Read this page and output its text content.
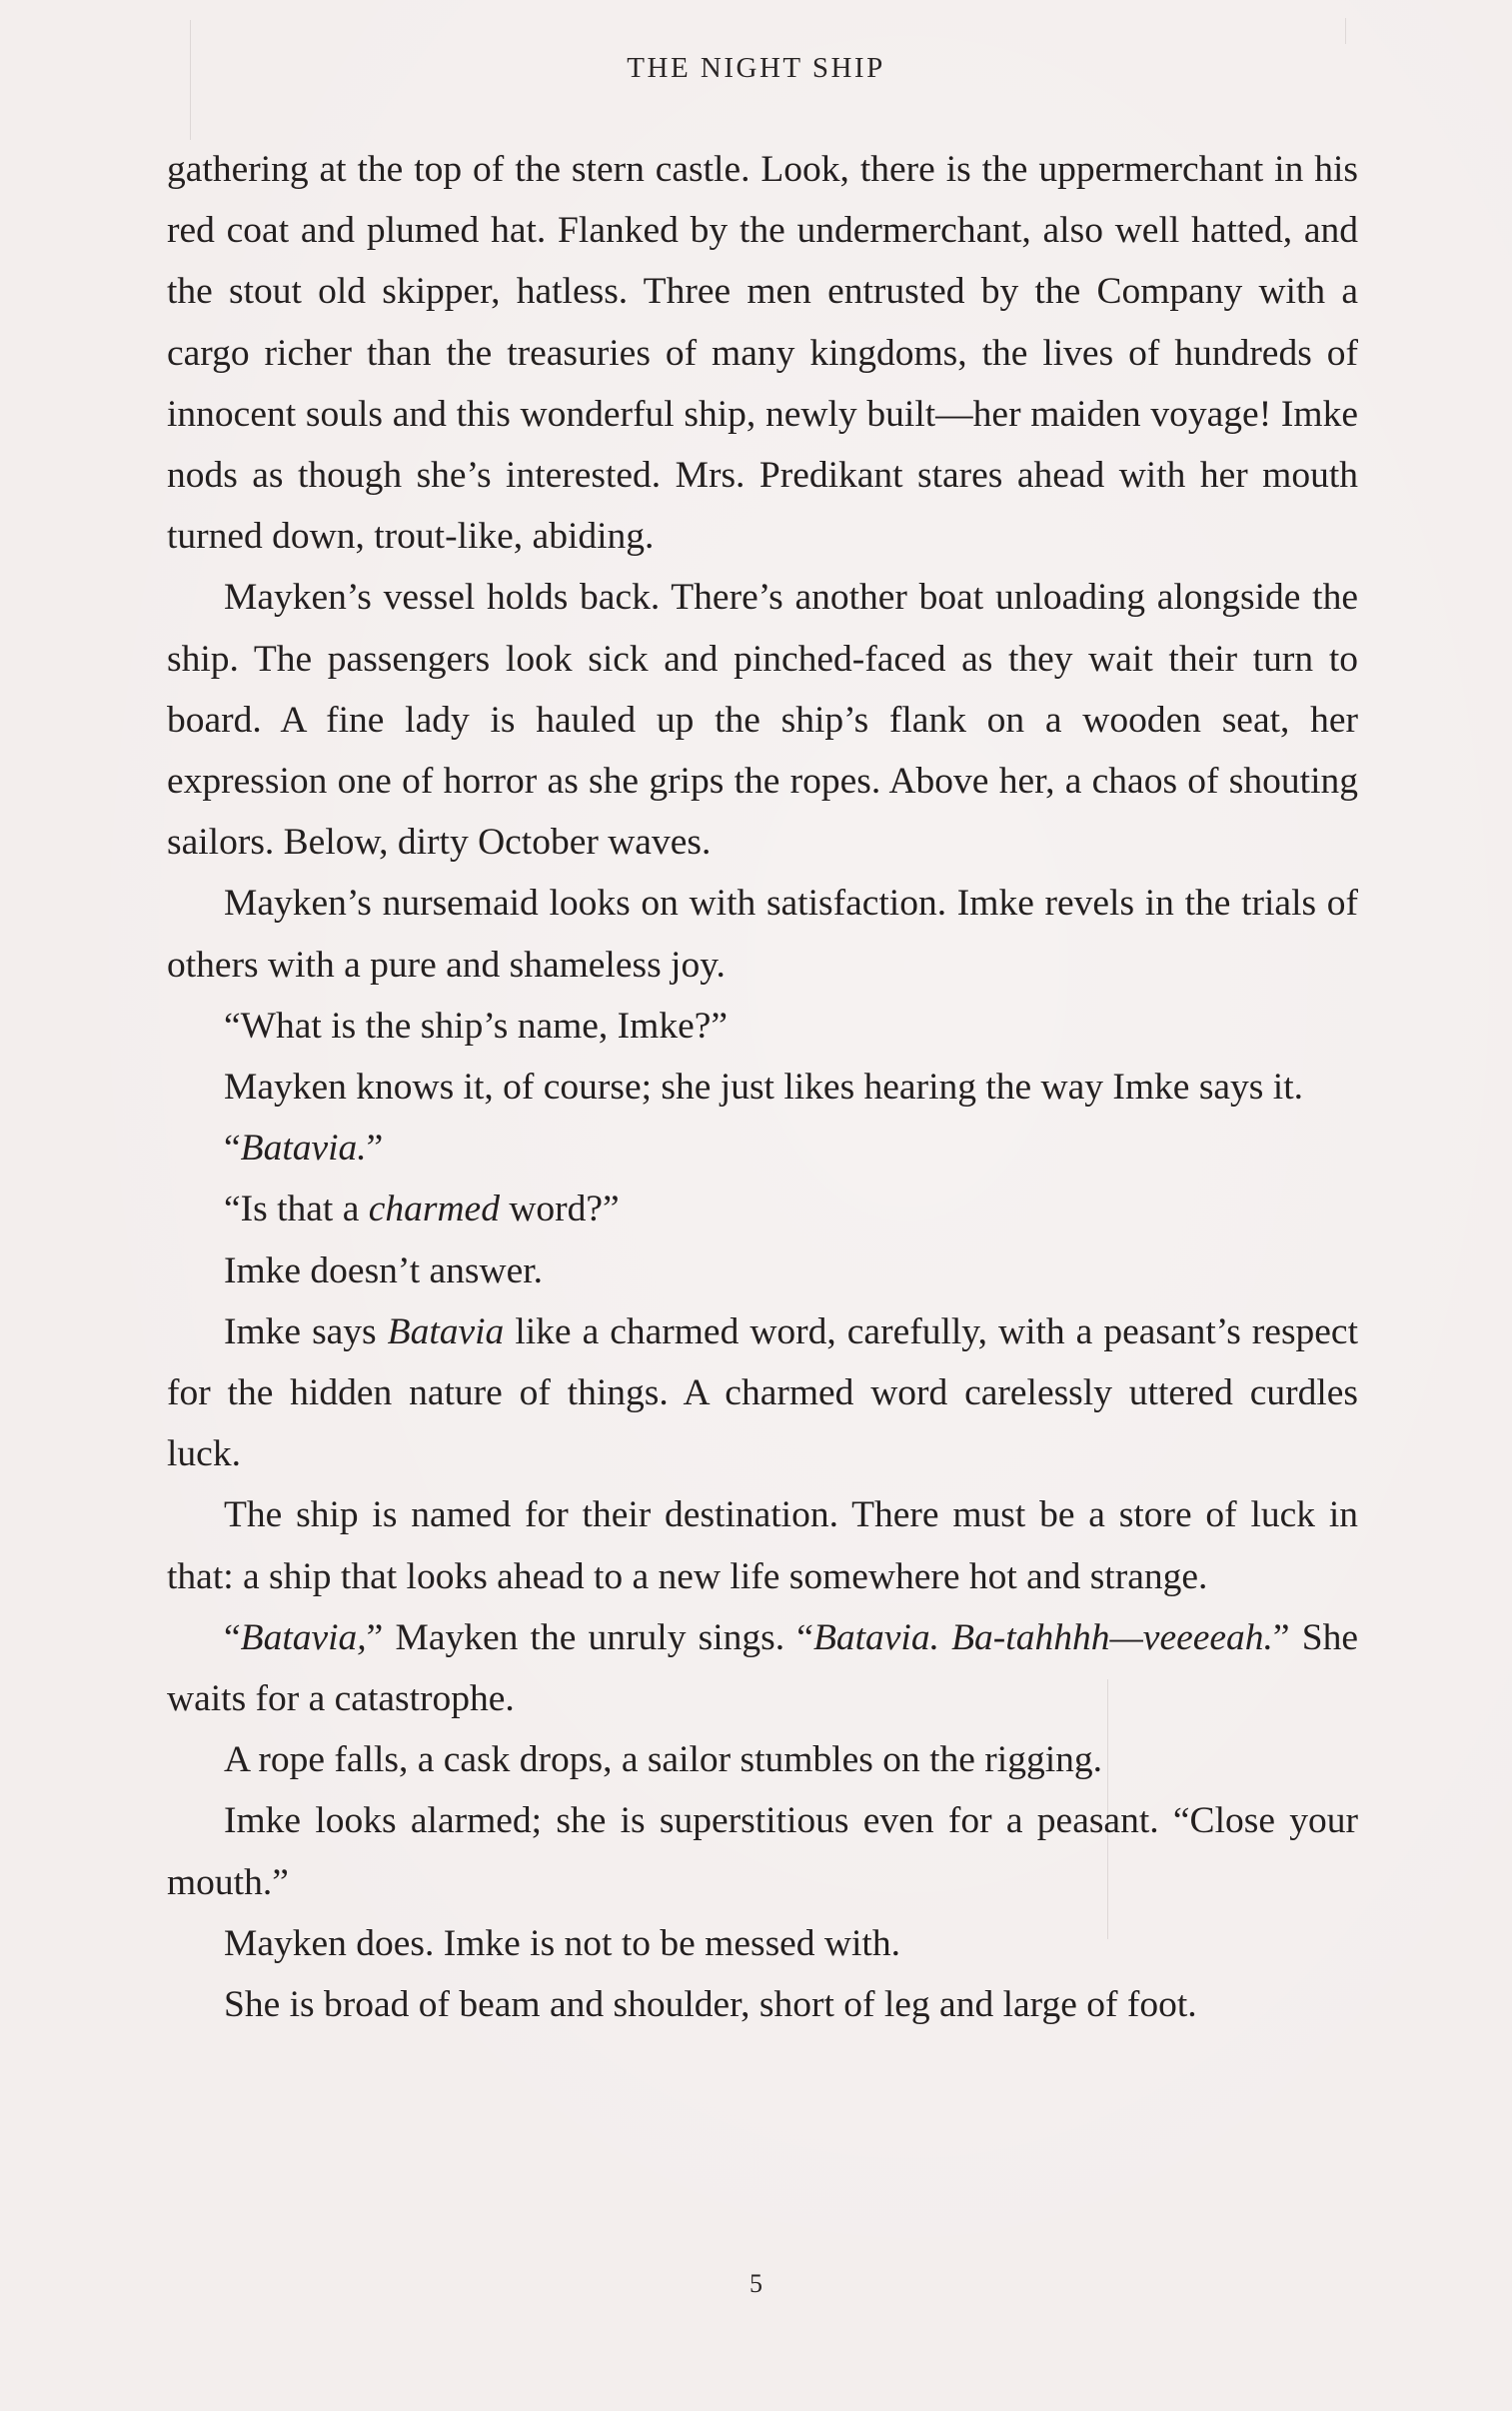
THE NIGHT SHIP

gathering at the top of the stern castle. Look, there is the uppermerchant in his red coat and plumed hat. Flanked by the undermerchant, also well hatted, and the stout old skipper, hatless. Three men entrusted by the Company with a cargo richer than the treasuries of many kingdoms, the lives of hundreds of innocent souls and this wonderful ship, newly built—her maiden voyage! Imke nods as though she’s interested. Mrs. Predikant stares ahead with her mouth turned down, trout-like, abiding.

Mayken’s vessel holds back. There’s another boat unloading alongside the ship. The passengers look sick and pinched-faced as they wait their turn to board. A fine lady is hauled up the ship’s flank on a wooden seat, her expression one of horror as she grips the ropes. Above her, a chaos of shouting sailors. Below, dirty October waves.

Mayken’s nursemaid looks on with satisfaction. Imke revels in the trials of others with a pure and shameless joy.

“What is the ship’s name, Imke?”

Mayken knows it, of course; she just likes hearing the way Imke says it.

“Batavia.”

“Is that a charmed word?”

Imke doesn’t answer.

Imke says Batavia like a charmed word, carefully, with a peasant’s respect for the hidden nature of things. A charmed word carelessly uttered curdles luck.

The ship is named for their destination. There must be a store of luck in that: a ship that looks ahead to a new life somewhere hot and strange.

“Batavia,” Mayken the unruly sings. “Batavia. Ba-tahhhh—veeeeah.” She waits for a catastrophe.

A rope falls, a cask drops, a sailor stumbles on the rigging.

Imke looks alarmed; she is superstitious even for a peasant. “Close your mouth.”

Mayken does. Imke is not to be messed with.

She is broad of beam and shoulder, short of leg and large of foot.

5
